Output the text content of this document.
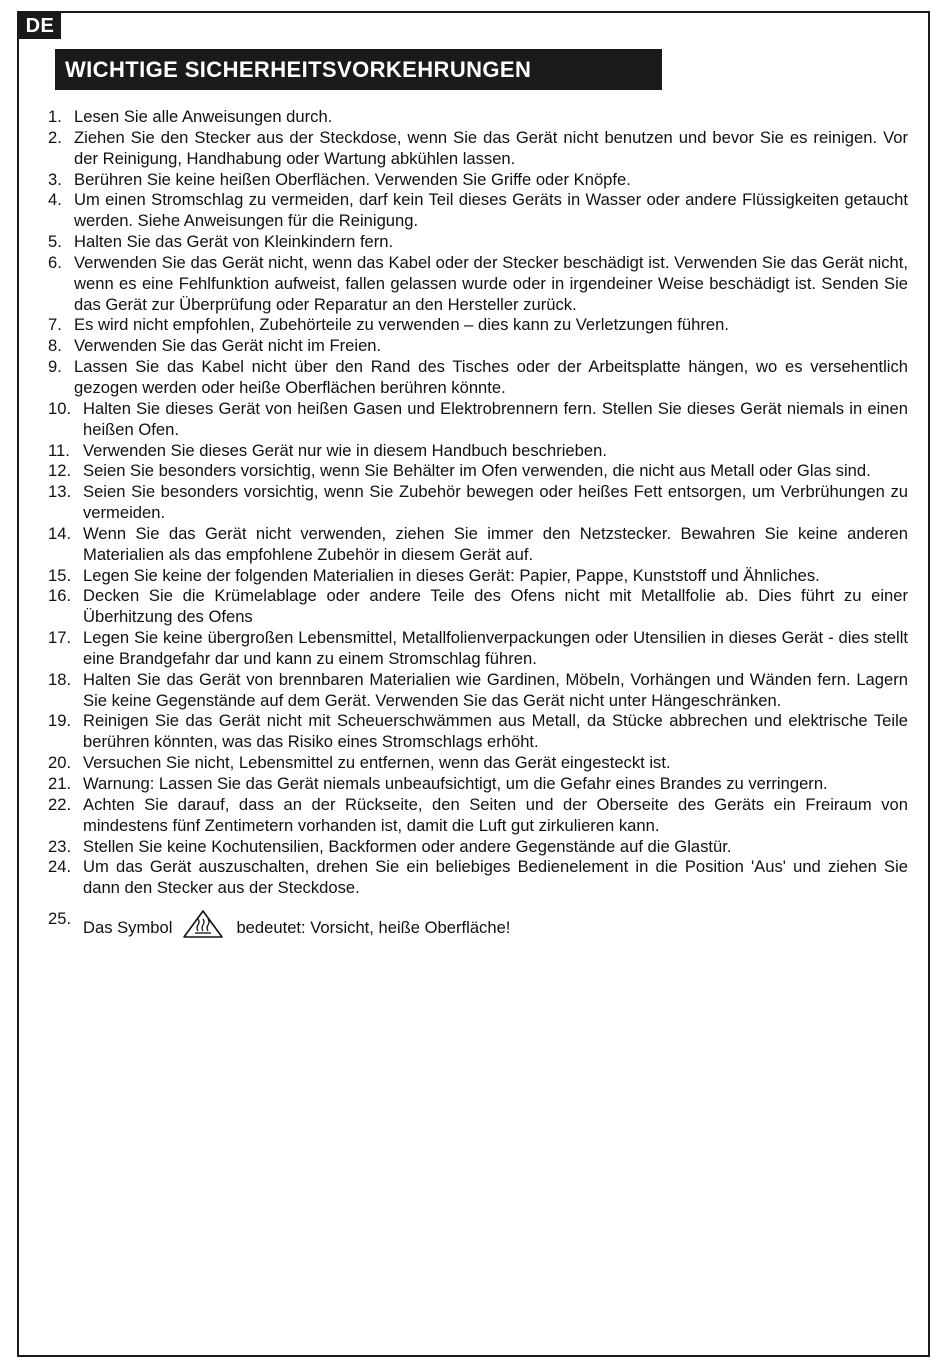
DE
WICHTIGE SICHERHEITSVORKEHRUNGEN
1. Lesen Sie alle Anweisungen durch.
2. Ziehen Sie den Stecker aus der Steckdose, wenn Sie das Gerät nicht benutzen und bevor Sie es reinigen. Vor der Reinigung, Handhabung oder Wartung abkühlen lassen.
3. Berühren Sie keine heißen Oberflächen. Verwenden Sie Griffe oder Knöpfe.
4. Um einen Stromschlag zu vermeiden, darf kein Teil dieses Geräts in Wasser oder andere Flüssigkeiten getaucht werden. Siehe Anweisungen für die Reinigung.
5. Halten Sie das Gerät von Kleinkindern fern.
6. Verwenden Sie das Gerät nicht, wenn das Kabel oder der Stecker beschädigt ist. Verwenden Sie das Gerät nicht, wenn es eine Fehlfunktion aufweist, fallen gelassen wurde oder in irgendeiner Weise beschädigt ist. Senden Sie das Gerät zur Überprüfung oder Reparatur an den Hersteller zurück.
7. Es wird nicht empfohlen, Zubehörteile zu verwenden – dies kann zu Verletzungen führen.
8. Verwenden Sie das Gerät nicht im Freien.
9. Lassen Sie das Kabel nicht über den Rand des Tisches oder der Arbeitsplatte hängen, wo es versehentlich gezogen werden oder heiße Oberflächen berühren könnte.
10. Halten Sie dieses Gerät von heißen Gasen und Elektrobrennern fern. Stellen Sie dieses Gerät niemals in einen heißen Ofen.
11. Verwenden Sie dieses Gerät nur wie in diesem Handbuch beschrieben.
12. Seien Sie besonders vorsichtig, wenn Sie Behälter im Ofen verwenden, die nicht aus Metall oder Glas sind.
13. Seien Sie besonders vorsichtig, wenn Sie Zubehör bewegen oder heißes Fett entsorgen, um Verbrühungen zu vermeiden.
14. Wenn Sie das Gerät nicht verwenden, ziehen Sie immer den Netzstecker. Bewahren Sie keine anderen Materialien als das empfohlene Zubehör in diesem Gerät auf.
15. Legen Sie keine der folgenden Materialien in dieses Gerät: Papier, Pappe, Kunststoff und Ähnliches.
16. Decken Sie die Krümelablage oder andere Teile des Ofens nicht mit Metallfolie ab. Dies führt zu einer Überhitzung des Ofens
17. Legen Sie keine übergroßen Lebensmittel, Metallfolienverpackungen oder Utensilien in dieses Gerät - dies stellt eine Brandgefahr dar und kann zu einem Stromschlag führen.
18. Halten Sie das Gerät von brennbaren Materialien wie Gardinen, Möbeln, Vorhängen und Wänden fern. Lagern Sie keine Gegenstände auf dem Gerät. Verwenden Sie das Gerät nicht unter Hängeschränken.
19. Reinigen Sie das Gerät nicht mit Scheuerschwämmen aus Metall, da Stücke abbrechen und elektrische Teile berühren könnten, was das Risiko eines Stromschlags erhöht.
20. Versuchen Sie nicht, Lebensmittel zu entfernen, wenn das Gerät eingesteckt ist.
21. Warnung: Lassen Sie das Gerät niemals unbeaufsichtigt, um die Gefahr eines Brandes zu verringern.
22. Achten Sie darauf, dass an der Rückseite, den Seiten und der Oberseite des Geräts ein Freiraum von mindestens fünf Zentimetern vorhanden ist, damit die Luft gut zirkulieren kann.
23. Stellen Sie keine Kochutensilien, Backformen oder andere Gegenstände auf die Glastür.
24. Um das Gerät auszuschalten, drehen Sie ein beliebiges Bedienelement in die Position 'Aus' und ziehen Sie dann den Stecker aus der Steckdose.
25. Das Symbol	bedeutet: Vorsicht, heiße Oberfläche!
